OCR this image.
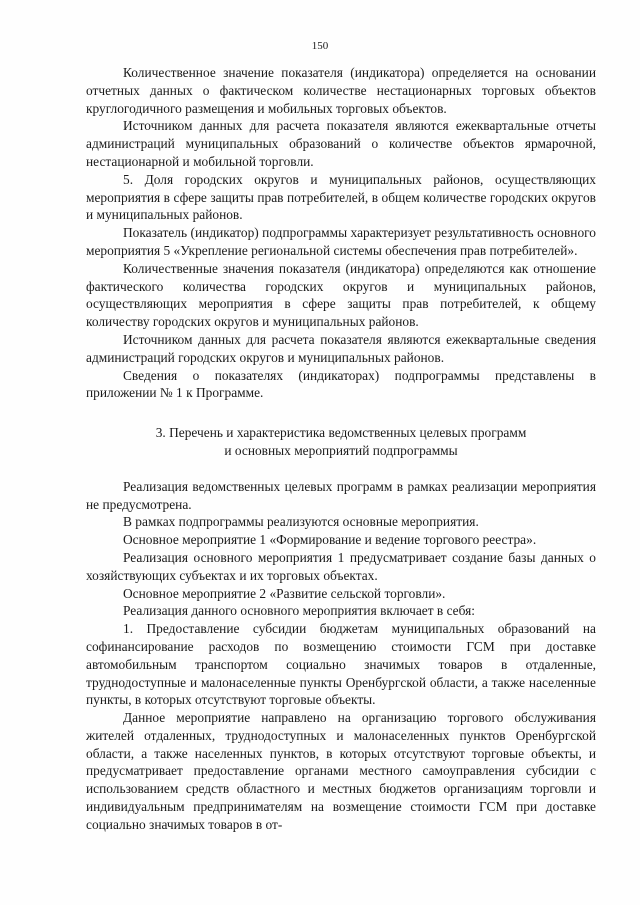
150

Количественное значение показателя (индикатора) определяется на основании отчетных данных о фактическом количестве нестационарных торговых объектов круглогодичного размещения и мобильных торговых объектов.

Источником данных для расчета показателя являются ежеквартальные отчеты администраций муниципальных образований о количестве объектов ярмарочной, нестационарной и мобильной торговли.

5. Доля городских округов и муниципальных районов, осуществляющих мероприятия в сфере защиты прав потребителей, в общем количестве городских округов и муниципальных районов.

Показатель (индикатор) подпрограммы характеризует результативность основного мероприятия 5 «Укрепление региональной системы обеспечения прав потребителей».

Количественные значения показателя (индикатора) определяются как отношение фактического количества городских округов и муниципальных районов, осуществляющих мероприятия в сфере защиты прав потребителей, к общему количеству городских округов и муниципальных районов.

Источником данных для расчета показателя являются ежеквартальные сведения администраций городских округов и муниципальных районов.

Сведения о показателях (индикаторах) подпрограммы представлены в приложении № 1 к Программе.

3. Перечень и характеристика ведомственных целевых программ
и основных мероприятий подпрограммы

Реализация ведомственных целевых программ в рамках реализации мероприятия не предусмотрена.

В рамках подпрограммы реализуются основные мероприятия.

Основное мероприятие 1 «Формирование и ведение торгового реестра».

Реализация основного мероприятия 1 предусматривает создание базы данных о хозяйствующих субъектах и их торговых объектах.

Основное мероприятие 2 «Развитие сельской торговли».

Реализация данного основного мероприятия включает в себя:

1. Предоставление субсидии бюджетам муниципальных образований на софинансирование расходов по возмещению стоимости ГСМ при доставке автомобильным транспортом социально значимых товаров в отдаленные, труднодоступные и малонаселенные пункты Оренбургской области, а также населенные пункты, в которых отсутствуют торговые объекты.

Данное мероприятие направлено на организацию торгового обслуживания жителей отдаленных, труднодоступных и малонаселенных пунктов Оренбургской области, а также населенных пунктов, в которых отсутствуют торговые объекты, и предусматривает предоставление органами местного самоуправления субсидии с использованием средств областного и местных бюджетов организациям торговли и индивидуальным предпринимателям на возмещение стоимости ГСМ при доставке социально значимых товаров в от-
